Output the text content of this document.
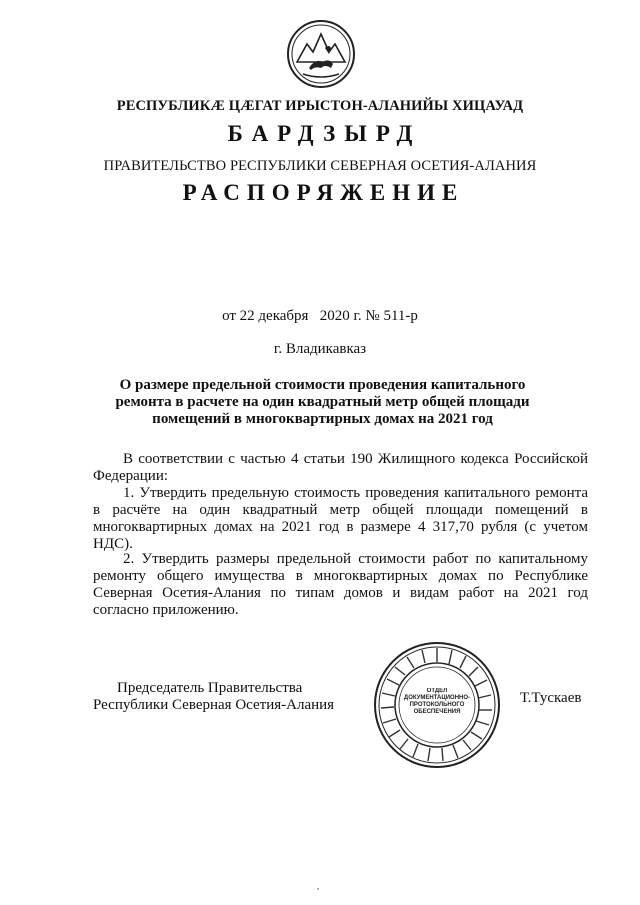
РЕСПУБЛИКӔ ЦӔГАТ ИРЫСТОН-АЛАНИЙЫ ХИЦАУАД
БАРДЗЫРД
ПРАВИТЕЛЬСТВО РЕСПУБЛИКИ СЕВЕРНАЯ ОСЕТИЯ-АЛАНИЯ
РАСПОРЯЖЕНИЕ
от 22 декабря   2020 г. № 511-р
г. Владикавказ
О размере предельной стоимости проведения капитального ремонта в расчете на один квадратный метр общей площади помещений в многоквартирных домах на 2021 год
В соответствии с частью 4 статьи 190 Жилищного кодекса Российской Федерации:
1. Утвердить предельную стоимость проведения капитального ремонта в расчёте на один квадратный метр общей площади помещений в многоквартирных домах на 2021 год в размере 4 317,70 рубля (с учетом НДС).
2. Утвердить размеры предельной стоимости работ по капитальному ремонту общего имущества в многоквартирных домах по Республике Северная Осетия-Алания по типам домов и видам работ на 2021 год согласно приложению.
Председатель Правительства
Республики Северная Осетия-Алания
ОТДЕЛ ДОКУМЕНТАЦИОННО-ПРОТОКОЛЬНОГО ОБЕСПЕЧЕНИЯ
Т.Тускаев
